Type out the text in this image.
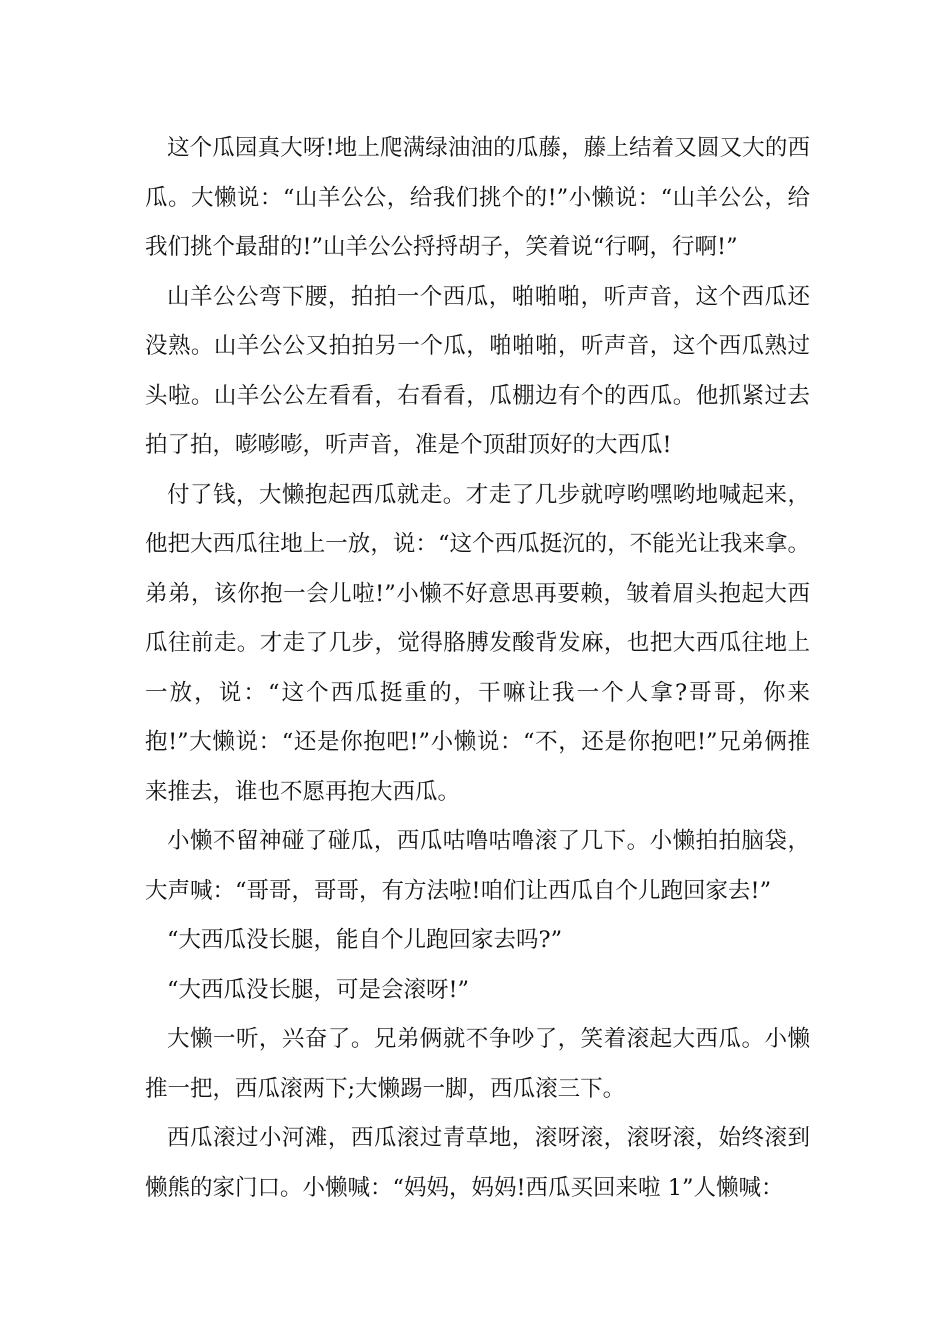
这个瓜园真大呀!地上爬满绿油油的瓜藤，藤上结着又圆又大的西瓜。大懒说：“山羊公公，给我们挑个的!”小懒说：“山羊公公，给我们挑个最甜的!”山羊公公捋捋胡子，笑着说“行啊，行啊!”

山羊公公弯下腰，拍拍一个西瓜，啪啪啪，听声音，这个西瓜还没熟。山羊公公又拍拍另一个瓜，啪啪啪，听声音，这个西瓜熟过头啦。山羊公公左看看，右看看，瓜棚边有个的西瓜。他抓紧过去拍了拍，嘭嘭嘭，听声音，准是个顶甜顶好的大西瓜!

付了钱，大懒抱起西瓜就走。才走了几步就哼哟嘿哟地喊起来，他把大西瓜往地上一放，说：“这个西瓜挺沉的，不能光让我来拿。弟弟，该你抱一会儿啦!”小懒不好意思再要赖，皱着眉头抱起大西瓜往前走。才走了几步，觉得胳膊发酸背发麻，也把大西瓜往地上一放，说：“这个西瓜挺重的，干嘛让我一个人拿?哥哥，你来抱!”大懒说：“还是你抱吧!”小懒说：“不，还是你抱吧!”兄弟俩推来推去，谁也不愿再抱大西瓜。

小懒不留神碰了碰瓜，西瓜咕噜咕噜滚了几下。小懒拍拍脑袋，大声喊：“哥哥，哥哥，有方法啦!咱们让西瓜自个儿跑回家去!”

“大西瓜没长腿，能自个儿跑回家去吗?”

“大西瓜没长腿，可是会滚呀!”

大懒一听，兴奋了。兄弟俩就不争吵了，笑着滚起大西瓜。小懒推一把，西瓜滚两下;大懒踢一脚，西瓜滚三下。

西瓜滚过小河滩，西瓜滚过青草地，滚呀滚，滚呀滚，始终滚到懒熊的家门口。小懒喊：“妈妈，妈妈!西瓜买回来啦 1”人懒喊：
